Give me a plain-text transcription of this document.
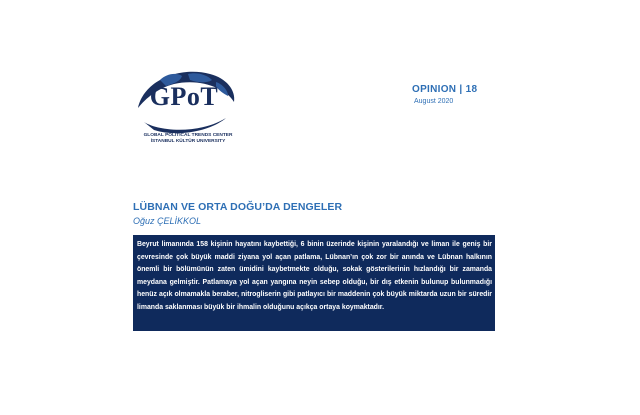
GPoT
GLOBAL POLITICAL TRENDS CENTER
İSTANBUL KÜLTÜR UNIVERSITY
OPINION | 18
August 2020
LÜBNAN VE ORTA DOĞU’DA DENGELER
Oğuz ÇELİKKOL
Beyrut limanında 158 kişinin hayatını kaybettiği, 6 binin üzerinde kişinin yaralandığı ve liman ile geniş bir çevresinde çok büyük maddi ziyana yol açan patlama, Lübnan’ın çok zor bir anında ve Lübnan halkının önemli bir bölümünün zaten ümidini kaybetmekte olduğu, sokak gösterilerinin hızlandığı bir zamanda meydana gelmiştir. Patlamaya yol açan yangına neyin sebep olduğu, bir dış etkenin bulunup bulunmadığı henüz açık olmamakla beraber, nitrogliserin gibi patlayıcı bir maddenin çok büyük miktarda uzun bir süredir limanda saklanması büyük bir ihmalin olduğunu açıkça ortaya koymaktadır.
